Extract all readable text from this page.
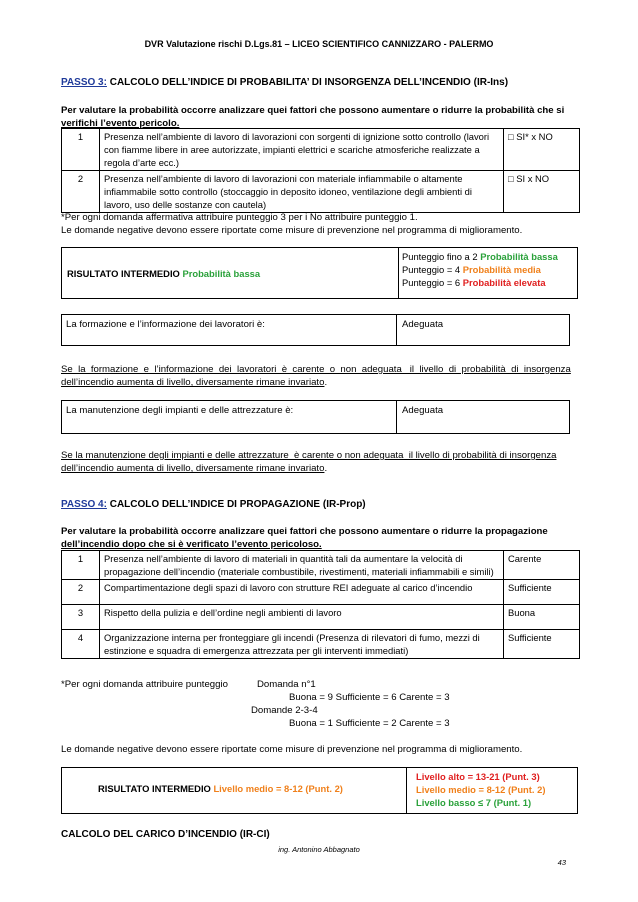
DVR Valutazione rischi D.Lgs.81 – LICEO SCIENTIFICO CANNIZZARO - PALERMO
PASSO 3: CALCOLO DELL’INDICE DI PROBABILITA’ DI INSORGENZA DELL’INCENDIO (IR-Ins)
Per valutare la probabilità occorre analizzare quei fattori che possono aumentare o ridurre la probabilità che si
verifichi l’evento pericolo.
1	Presenza nell’ambiente di lavoro di lavorazioni con sorgenti di ignizione sotto controllo (lavori con fiamme libere in aree autorizzate, impianti elettrici e scariche atmosferiche realizzate a regola d’arte ecc.)	□ SI* x NO
2	Presenza nell’ambiente di lavoro di lavorazioni con materiale infiammabile o altamente infiammabile sotto controllo (stoccaggio in deposito idoneo, ventilazione degli ambienti di lavoro, uso delle sostanze con cautela)	□ SI x NO
*Per ogni domanda affermativa attribuire punteggio 3 per i No attribuire punteggio 1.
Le domande negative devono essere riportate come misure di prevenzione nel programma di miglioramento.
RISULTATO INTERMEDIO Probabilità bassa
Punteggio fino a 2 Probabilità bassa
Punteggio = 4 Probabilità media
Punteggio = 6 Probabilità elevata
La formazione e l’informazione dei lavoratori è:	Adeguata
Se  la  formazione  e  l’informazione  dei  lavoratori  è  carente  o  non  adeguata   il  livello  di  probabilità  di  insorgenza
dell’incendio aumenta di livello, diversamente rimane invariato.
La manutenzione degli impianti e delle attrezzature è:	Adeguata
Se la manutenzione degli impianti e delle attrezzature  è carente o non adeguata  il livello di probabilità di insorgenza
dell’incendio aumenta di livello, diversamente rimane invariato.
PASSO 4: CALCOLO DELL’INDICE DI PROPAGAZIONE (IR-Prop)
Per valutare la probabilità occorre analizzare quei fattori che possono aumentare o ridurre la propagazione
dell’incendio dopo che si è verificato l’evento pericoloso.
1	Presenza nell’ambiente di lavoro di materiali in quantità tali da aumentare la velocità di propagazione dell’incendio (materiale combustibile, rivestimenti, materiali infiammabili e simili)	Carente
2	Compartimentazione degli spazi di lavoro con strutture REI adeguate al carico d’incendio	Sufficiente
3	Rispetto della pulizia e dell’ordine negli ambienti di lavoro	Buona
4	Organizzazione interna per fronteggiare gli incendi (Presenza di rilevatori di fumo, mezzi di estinzione e squadra di emergenza attrezzata per gli interventi immediati)	Sufficiente
*Per ogni domanda attribuire punteggio	Domanda n°1
Buona = 9 Sufficiente = 6 Carente = 3
Domande 2-3-4
Buona = 1 Sufficiente = 2 Carente = 3
Le domande negative devono essere riportate come misure di prevenzione nel programma di miglioramento.
RISULTATO INTERMEDIO Livello medio = 8-12 (Punt. 2)
Livello alto = 13-21 (Punt. 3)
Livello medio = 8-12 (Punt. 2)
Livello basso ≤ 7 (Punt. 1)
CALCOLO DEL CARICO D’INCENDIO (IR-CI)
ing. Antonino Abbagnato
43
